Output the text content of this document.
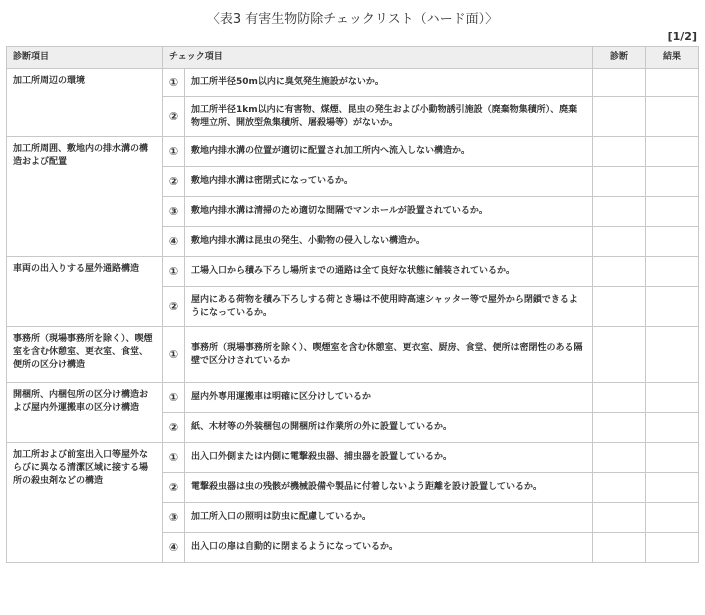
〈表3 有害生物防除チェックリスト（ハード面）〉
[1/2]
診断項目	チェック項目		診断	結果
加工所周辺の環境	①	加工所半径50m以内に臭気発生施設がないか。		
	②	加工所半径1km以内に有害物、煤煙、昆虫の発生および小動物誘引施設（廃棄物集積所）、廃棄物埋立所、開放型魚集積所、屠殺場等）がないか。		
加工所周囲、敷地内の排水溝の構造および配置	①	敷地内排水溝の位置が適切に配置され加工所内へ流入しない構造か。		
	②	敷地内排水溝は密閉式になっているか。		
	③	敷地内排水溝は清掃のため適切な間隔でマンホールが設置されているか。		
	④	敷地内排水溝は昆虫の発生、小動物の侵入しない構造か。		
車両の出入りする屋外通路構造	①	工場入口から積み下ろし場所までの通路は全て良好な状態に舗装されているか。		
	②	屋内にある荷物を積み下ろしする荷とき場は不使用時高速シャッター等で屋外から閉鎖できるようになっているか。		
事務所（現場事務所を除く）、喫煙室を含む休憩室、更衣室、食堂、便所の区分け構造	①	事務所（現場事務所を除く）、喫煙室を含む休憩室、更衣室、厨房、食堂、便所は密閉性のある隔壁で区分けされているか		
開梱所、内梱包所の区分け構造および屋内外運搬車の区分け構造	①	屋内外専用運搬車は明確に区分けしているか		
	②	紙、木材等の外装梱包の開梱所は作業所の外に設置しているか。		
加工所および前室出入口等屋外ならびに異なる清潔区域に接する場所の殺虫剤などの構造	①	出入口外側または内側に電撃殺虫器、捕虫器を設置しているか。		
	②	電撃殺虫器は虫の残骸が機械設備や製品に付着しないよう距離を設け設置しているか。		
	③	加工所入口の照明は防虫に配慮しているか。		
	④	出入口の扉は自動的に閉まるようになっているか。		
